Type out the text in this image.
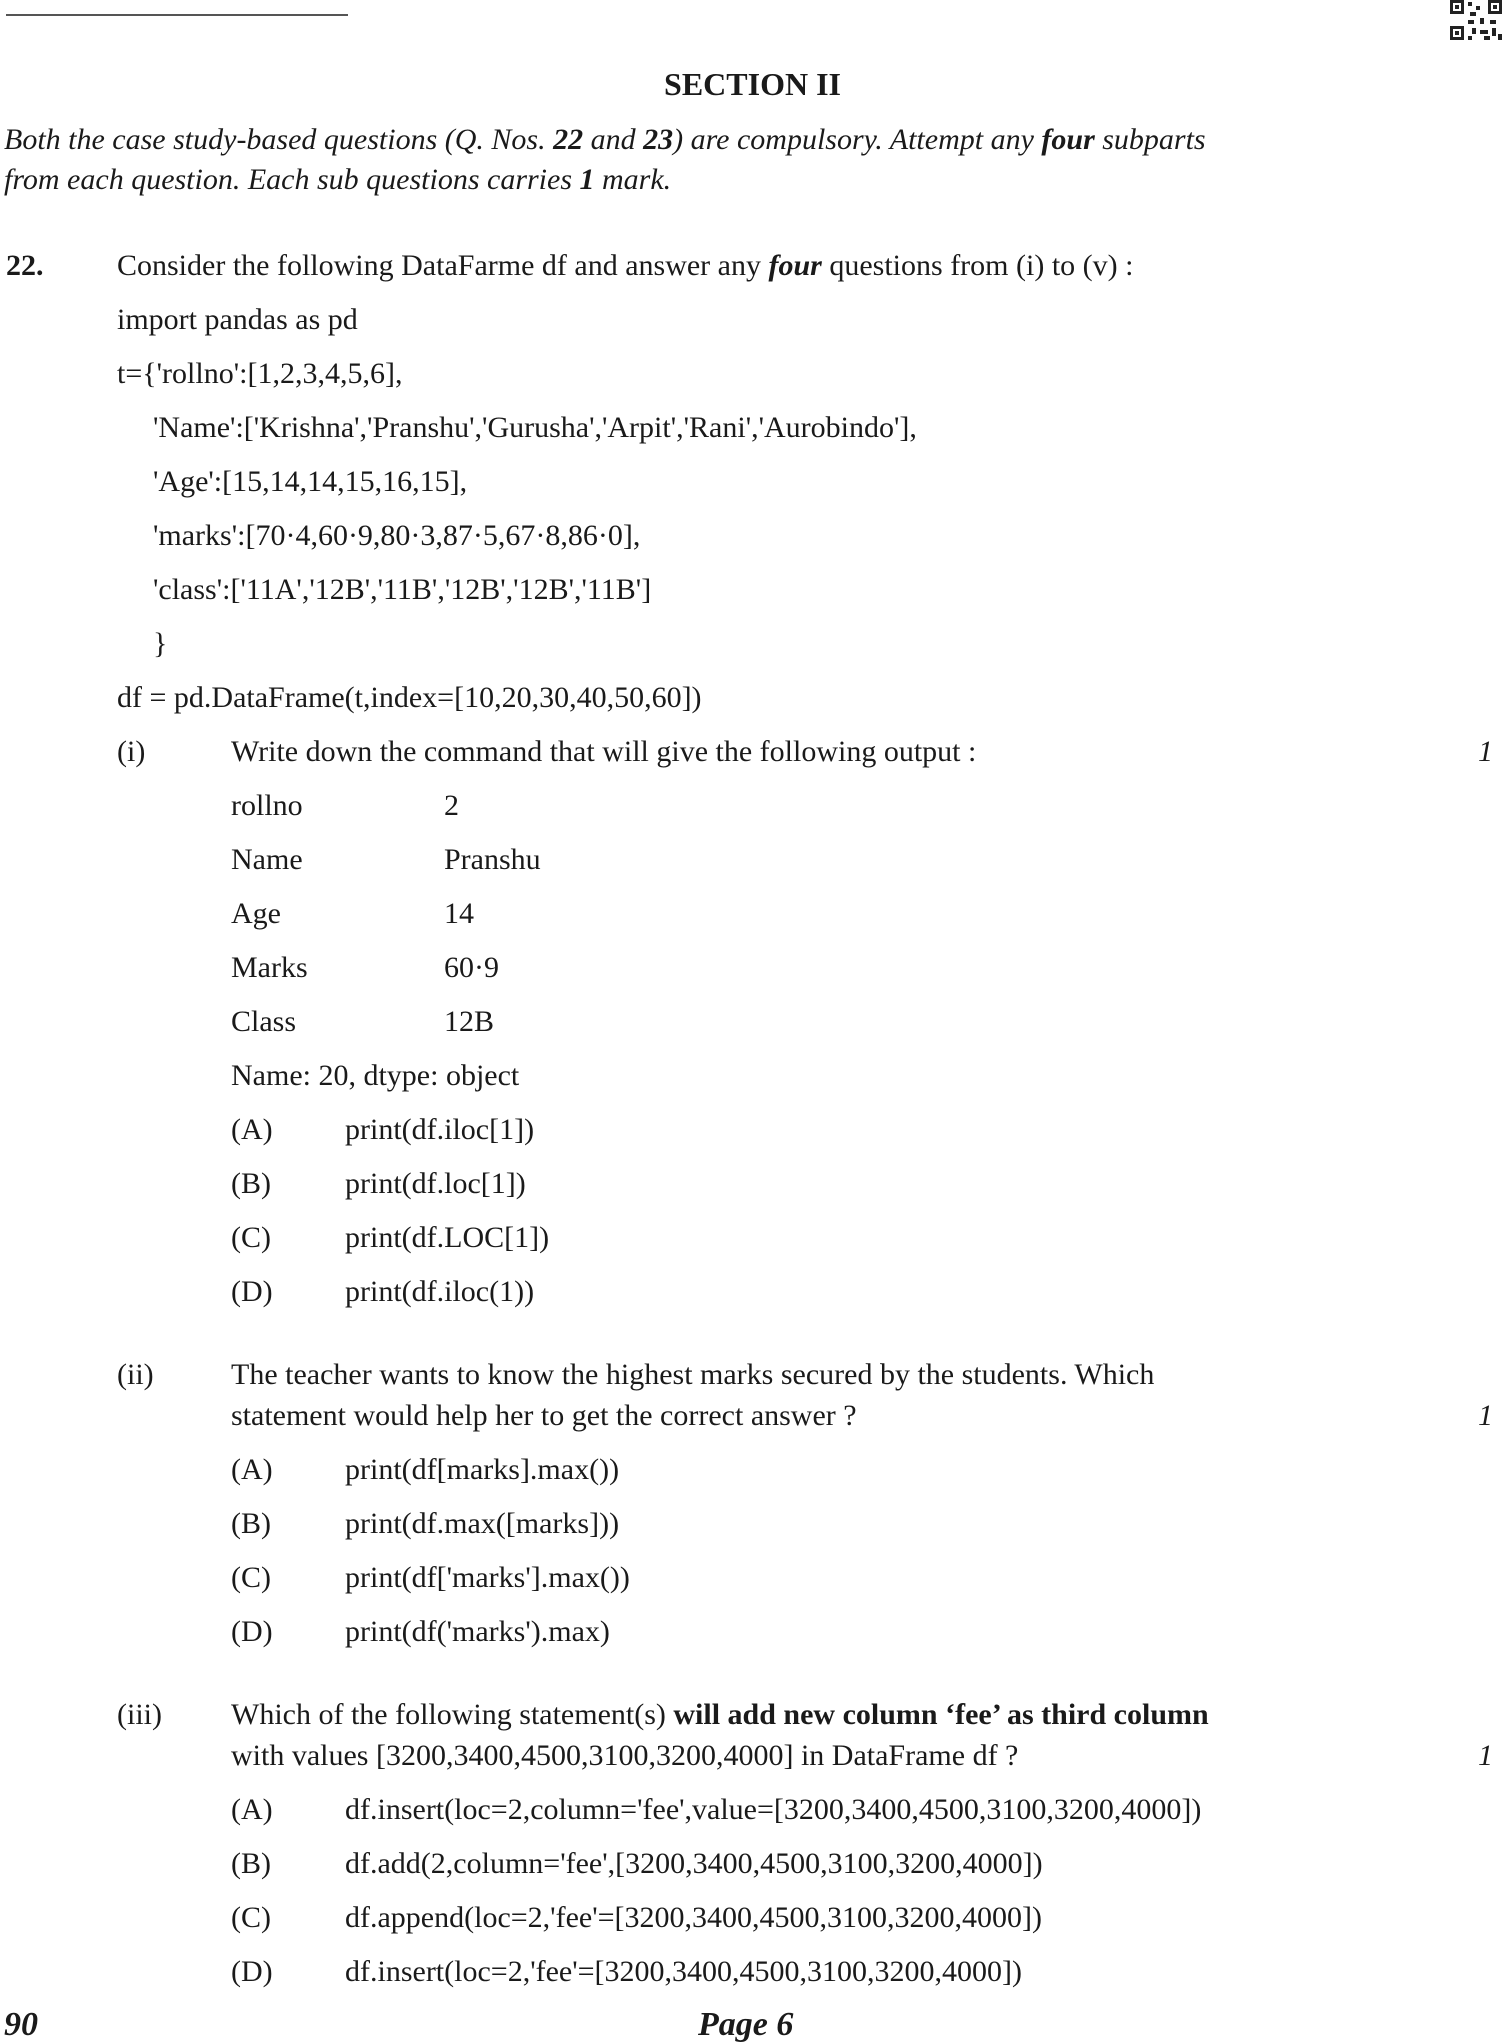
SECTION II
Both the case study-based questions (Q. Nos. 22 and 23) are compulsory. Attempt any four subparts
from each question. Each sub questions carries 1 mark.
22. Consider the following DataFarme df and answer any four questions from (i) to (v) :
import pandas as pd
t={'rollno':[1,2,3,4,5,6],
'Name':['Krishna','Pranshu','Gurusha','Arpit','Rani','Aurobindo'],
'Age':[15,14,14,15,16,15],
'marks':[70·4,60·9,80·3,87·5,67·8,86·0],
'class':['11A','12B','11B','12B','12B','11B']
}
df = pd.DataFrame(t,index=[10,20,30,40,50,60])
(i)	Write down the command that will give the following output :	1
rollno	2
Name	Pranshu
Age	14
Marks	60·9
Class	12B
Name: 20, dtype: object
(A) print(df.iloc[1])
(B) print(df.loc[1])
(C) print(df.LOC[1])
(D) print(df.iloc(1))
(ii)	The teacher wants to know the highest marks secured by the students. Which
statement would help her to get the correct answer ?	1
(A) print(df[marks].max())
(B) print(df.max([marks]))
(C) print(df['marks'].max())
(D) print(df('marks').max)
(iii) Which of the following statement(s) will add new column ‘fee’ as third column
with values [3200,3400,4500,3100,3200,4000] in DataFrame df ?	1
(A) df.insert(loc=2,column='fee',value=[3200,3400,4500,3100,3200,4000])
(B) df.add(2,column='fee',[3200,3400,4500,3100,3200,4000])
(C) df.append(loc=2,'fee'=[3200,3400,4500,3100,3200,4000])
(D) df.insert(loc=2,'fee'=[3200,3400,4500,3100,3200,4000])
90	Page 6
